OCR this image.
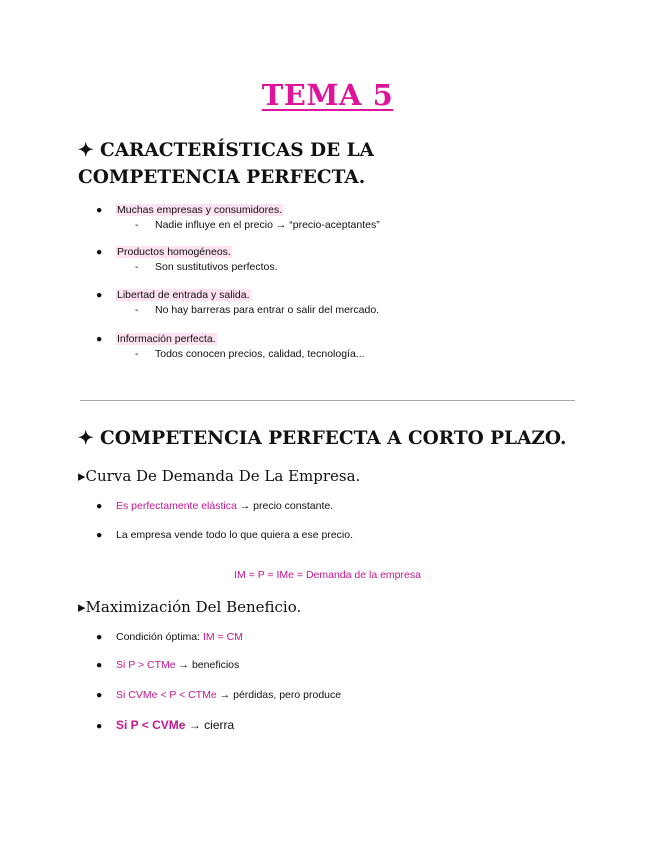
TEMA 5
✦ CARACTERÍSTICAS DE LA COMPETENCIA PERFECTA.
● Muchas empresas y consumidores.
- Nadie influye en el precio → “precio-aceptantes”
● Productos homogéneos.
- Son sustitutivos perfectos.
● Libertad de entrada y salida.
- No hay barreras para entrar o salir del mercado.
● Información perfecta.
- Todos conocen precios, calidad, tecnología...
✦ COMPETENCIA PERFECTA A CORTO PLAZO.
▸Curva De Demanda De La Empresa.
● Es perfectamente elástica → precio constante.
● La empresa vende todo lo que quiera a ese precio.
IM = P = IMe = Demanda de la empresa
▸Maximización Del Beneficio.
● Condición óptima: IM = CM
● Si P > CTMe → beneficios
● Si CVMe < P < CTMe → pérdidas, pero produce
● Si P < CVMe → cierra
